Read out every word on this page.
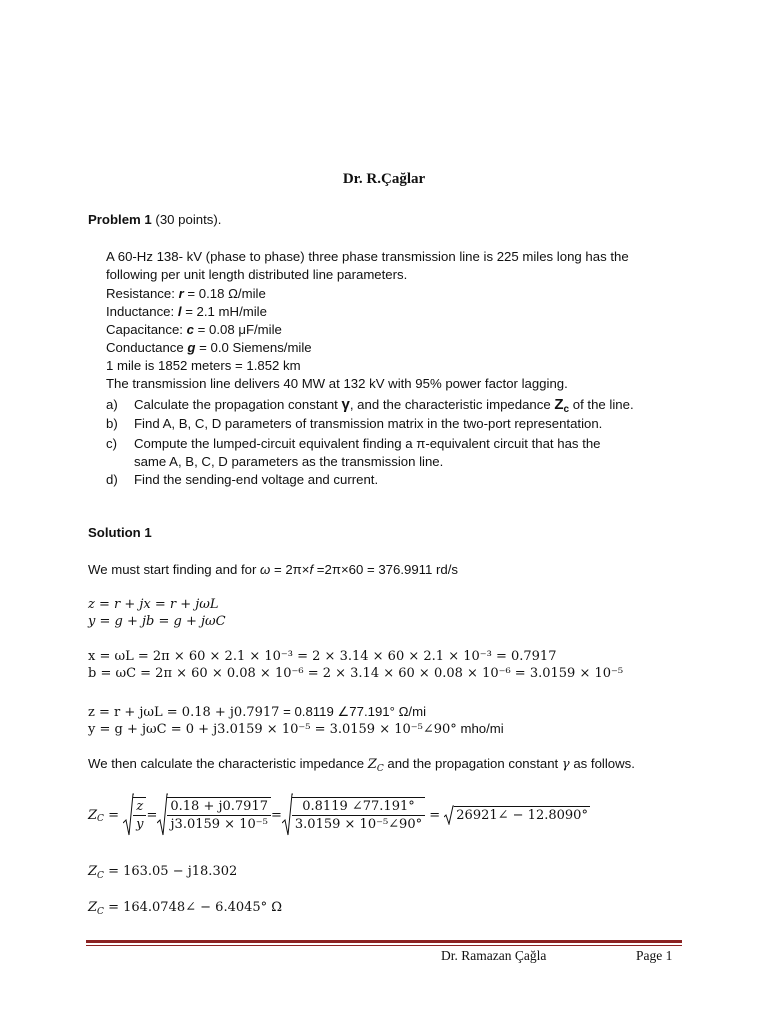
Dr. R.Çağlar
Problem 1 (30 points).
A 60-Hz 138- kV (phase to phase) three phase transmission line is 225 miles long has the
following per unit length distributed line parameters.
Resistance: r = 0.18 Ω/mile
Inductance: l = 2.1 mH/mile
Capacitance: c = 0.08 μF/mile
Conductance g = 0.0 Siemens/mile
1 mile is 1852 meters = 1.852 km
The transmission line delivers 40 MW at 132 kV with 95% power factor lagging.
a) Calculate the propagation constant γ, and the characteristic impedance $Z_c$ of the line.
b) Find A, B, C, D parameters of transmission matrix in the two-port representation.
c) Compute the lumped-circuit equivalent finding a π-equivalent circuit that has the
same A, B, C, D parameters as the transmission line.
d) Find the sending-end voltage and current.
Solution 1
We must start finding and for ω = 2π×f =2π×60 = 376.9911 rd/s
z = r + jx = r + jωL
y = g + jb = g + jωC
x = ωL = 2π × 60 × 2.1 × 10⁻³ = 2 × 3.14 × 60 × 2.1 × 10⁻³ = 0.7917
b = ωC = 2π × 60 × 0.08 × 10⁻⁶ = 2 × 3.14 × 60 × 0.08 × 10⁻⁶ = 3.0159 × 10⁻⁵
z = r + jωL = 0.18 + j0.7917 = 0.8119 ∠77.191° Ω/mi
y = g + jωC = 0 + j3.0159 × 10⁻⁵ = 3.0159 × 10⁻⁵∠90° mho/mi
We then calculate the characteristic impedance $Z_C$ and the propagation constant γ as follows.
Z $C = \frac{z}{y} = \frac{0.18 + j0.7917}{\text{j3.0159 × 10⁻⁵}} = \frac{0.8119 \angle 77.191^\circ}{\text{3.0159 × 10⁻⁵∠90°}}$ = 26921∠ − 12.8090°
$Z_C = 163.05 - j18.302$
$Z_C$ = 164.0748∠ − 6.4045° Ω
Dr. Ramazan Çağla	Page 1
